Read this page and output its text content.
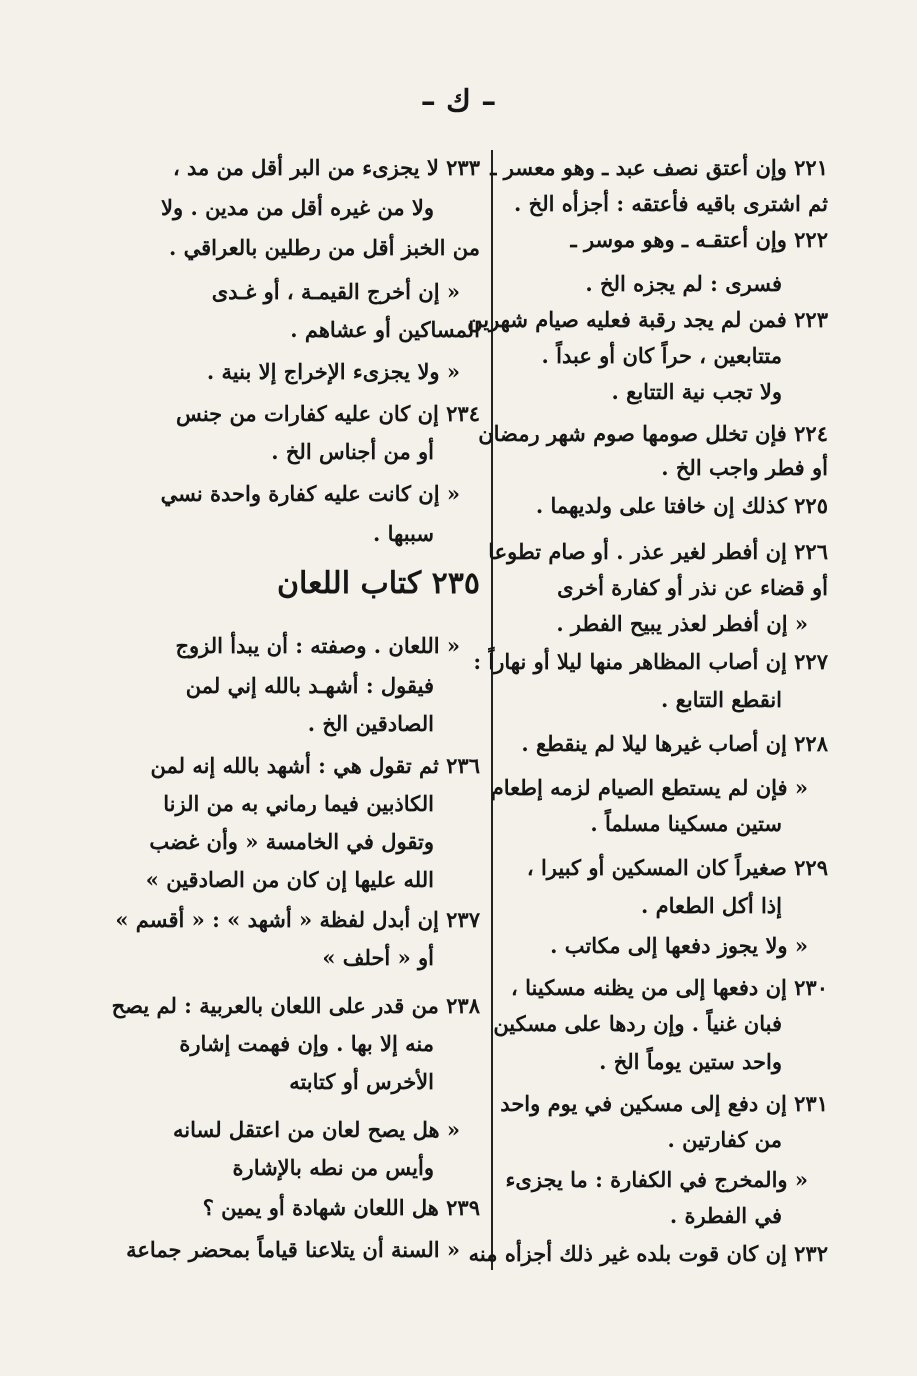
– ك –
٢٢١ وإن أعتق نصف عبد ـ وهو معسر ـ
ثم اشترى باقيه فأعتقه : أجزأه الخ .
٢٢٢ وإن أعتقـه ـ وهو موسر ـ
فسرى : لم يجزه الخ .
٢٢٣ فمن لم يجد رقبة فعليه صيام شهرين
متتابعين ، حراً كان أو عبداً .
ولا تجب نية التتابع .
٢٢٤ فإن تخلل صومها صوم شهر رمضان
أو فطر واجب الخ .
٢٢٥ كذلك إن خافتا على ولديهما .
٢٢٦ إن أفطر لغير عذر . أو صام تطوعا
أو قضاء عن نذر أو كفارة أخرى
« إن أفطر لعذر يبيح الفطر .
٢٢٧ إن أصاب المظاهر منها ليلا أو نهاراً :
انقطع التتابع .
٢٢٨ إن أصاب غيرها ليلا لم ينقطع .
« فإن لم يستطع الصيام لزمه إطعام
ستين مسكينا مسلماً .
٢٢٩ صغيراً كان المسكين أو كبيرا ،
إذا أكل الطعام .
« ولا يجوز دفعها إلى مكاتب .
٢٣٠ إن دفعها إلى من يظنه مسكينا ،
فبان غنياً . وإن ردها على مسكين
واحد ستين يوماً الخ .
٢٣١ إن دفع إلى مسكين في يوم واحد
من كفارتين .
« والمخرج في الكفارة : ما يجزىء
في الفطرة .
٢٣٢ إن كان قوت بلده غير ذلك أجزأه منه
٢٣٣ لا يجزىء من البر أقل من مد ،
ولا من غيره أقل من مدين . ولا
من الخبز أقل من رطلين بالعراقي .
« إن أخرج القيمـة ، أو غـدى
المساكين أو عشاهم .
« ولا يجزىء الإخراج إلا بنية .
٢٣٤ إن كان عليه كفارات من جنس
أو من أجناس الخ .
« إن كانت عليه كفارة واحدة نسي
سببها .
٢٣٥ كتاب اللعان
« اللعان . وصفته : أن يبدأ الزوج
فيقول : أشهـد بالله إني لمن
الصادقين الخ .
٢٣٦ ثم تقول هي : أشهد بالله إنه لمن
الكاذبين فيما رماني به من الزنا
وتقول في الخامسة « وأن غضب
الله عليها إن كان من الصادقين »
٢٣٧ إن أبدل لفظة « أشهد » : « أقسم »
أو « أحلف »
٢٣٨ من قدر على اللعان بالعربية : لم يصح
منه إلا بها . وإن فهمت إشارة
الأخرس أو كتابته
« هل يصح لعان من اعتقل لسانه
وأيس من نطه بالإشارة
٢٣٩ هل اللعان شهادة أو يمين ؟
« السنة أن يتلاعنا قياماً بمحضر جماعة
